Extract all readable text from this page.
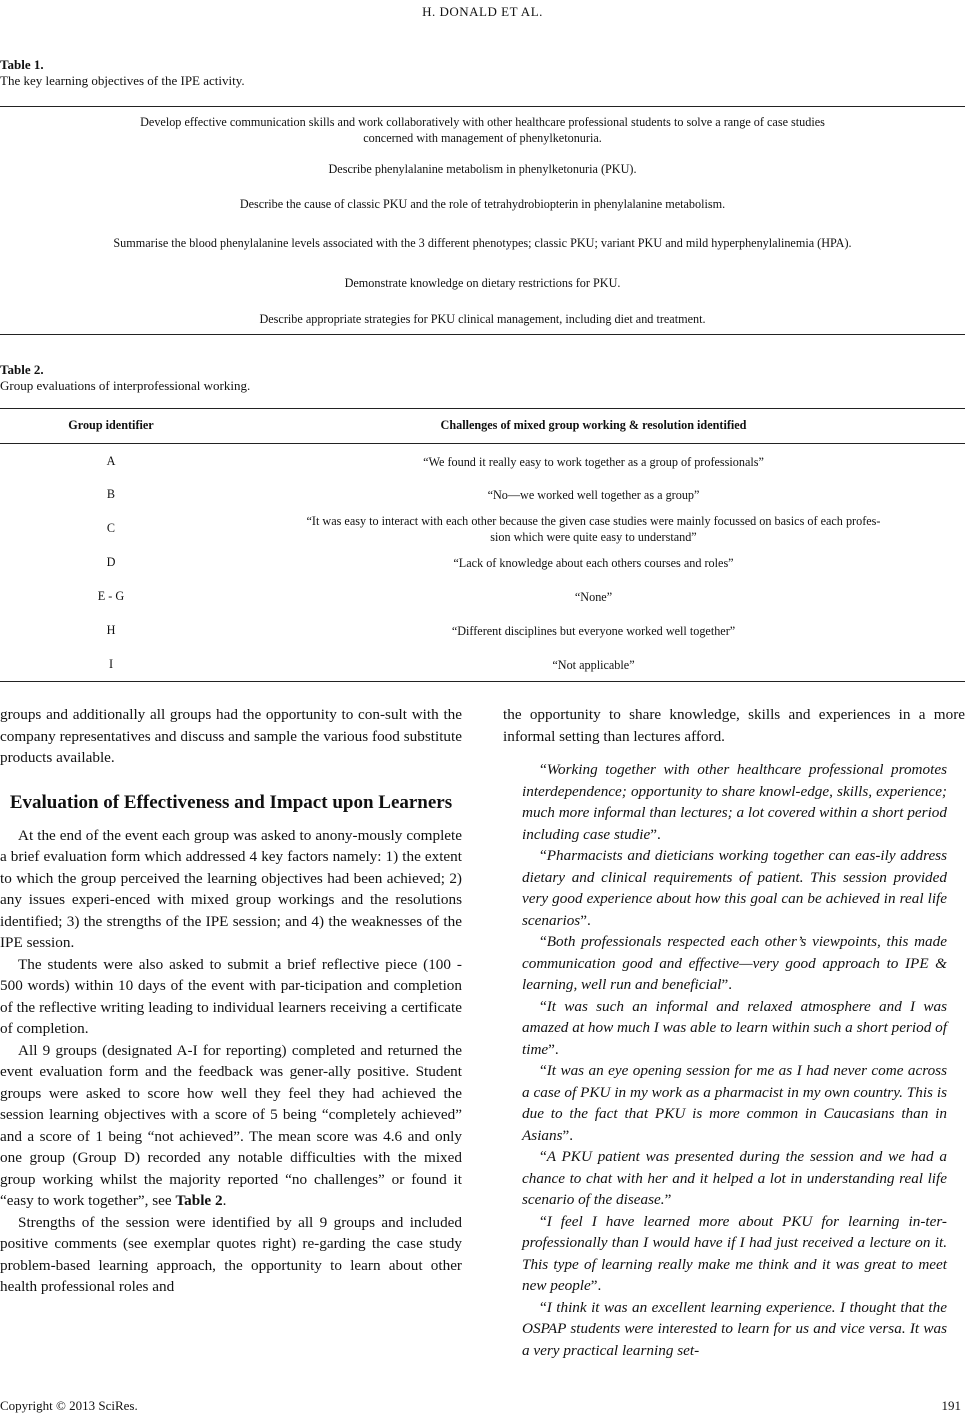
H. DONALD ET AL.
Table 1.
The key learning objectives of the IPE activity.
Develop effective communication skills and work collaboratively with other healthcare professional students to solve a range of case studies
concerned with management of phenylketonuria.
Describe phenylalanine metabolism in phenylketonuria (PKU).
Describe the cause of classic PKU and the role of tetrahydrobiopterin in phenylalanine metabolism.
Summarise the blood phenylalanine levels associated with the 3 different phenotypes; classic PKU; variant PKU and mild hyperphenylalinemia (HPA).
Demonstrate knowledge on dietary restrictions for PKU.
Describe appropriate strategies for PKU clinical management, including diet and treatment.
Table 2.
Group evaluations of interprofessional working.
Group identifier	Challenges of mixed group working & resolution identified
A	“We found it really easy to work together as a group of professionals”
B	“No—we worked well together as a group”
C	“It was easy to interact with each other because the given case studies were mainly focussed on basics of each profes-
sion which were quite easy to understand”
D	“Lack of knowledge about each others courses and roles”
E - G	“None”
H	“Different disciplines but everyone worked well together”
I	“Not applicable”

groups and additionally all groups had the opportunity to con-sult with the company representatives and discuss and sample the various food substitute products available.

Evaluation of Effectiveness and Impact upon Learners

At the end of the event each group was asked to anony-mously complete a brief evaluation form which addressed 4 key factors namely: 1) the extent to which the group perceived the learning objectives had been achieved; 2) any issues experi-enced with mixed group workings and the resolutions identified; 3) the strengths of the IPE session; and 4) the weaknesses of the IPE session.

The students were also asked to submit a brief reflective piece (100 - 500 words) within 10 days of the event with par-ticipation and completion of the reflective writing leading to individual learners receiving a certificate of completion.

All 9 groups (designated A-I for reporting) completed and returned the event evaluation form and the feedback was gener-ally positive. Student groups were asked to score how well they feel they had achieved the session learning objectives with a score of 5 being “completely achieved” and a score of 1 being “not achieved”. The mean score was 4.6 and only one group (Group D) recorded any notable difficulties with the mixed group working whilst the majority reported “no challenges” or found it “easy to work together”, see Table 2.

Strengths of the session were identified by all 9 groups and included positive comments (see exemplar quotes right) re-garding the case study problem-based learning approach, the opportunity to learn about other health professional roles and

the opportunity to share knowledge, skills and experiences in a more informal setting than lectures afford.

“Working together with other healthcare professional promotes interdependence; opportunity to share knowl-edge, skills, experience; much more informal than lectures; a lot covered within a short period including case studie”.

“Pharmacists and dieticians working together can eas-ily address dietary and clinical requirements of patient. This session provided very good experience about how this goal can be achieved in real life scenarios”.

“Both professionals respected each other’s viewpoints, this made communication good and effective—very good approach to IPE & learning, well run and beneficial”.

“It was such an informal and relaxed atmosphere and I was amazed at how much I was able to learn within such a short period of time”.

“It was an eye opening session for me as I had never come across a case of PKU in my work as a pharmacist in my own country. This is due to the fact that PKU is more common in Caucasians than in Asians”.

“A PKU patient was presented during the session and we had a chance to chat with her and it helped a lot in understanding real life scenario of the disease.”

“I feel I have learned more about PKU for learning in-ter-professionally than I would have if I had just received a lecture on it. This type of learning really make me think and it was great to meet new people”.

“I think it was an excellent learning experience. I thought that the OSPAP students were interested to learn for us and vice versa. It was a very practical learning set-

Copyright © 2013 SciRes.	191
